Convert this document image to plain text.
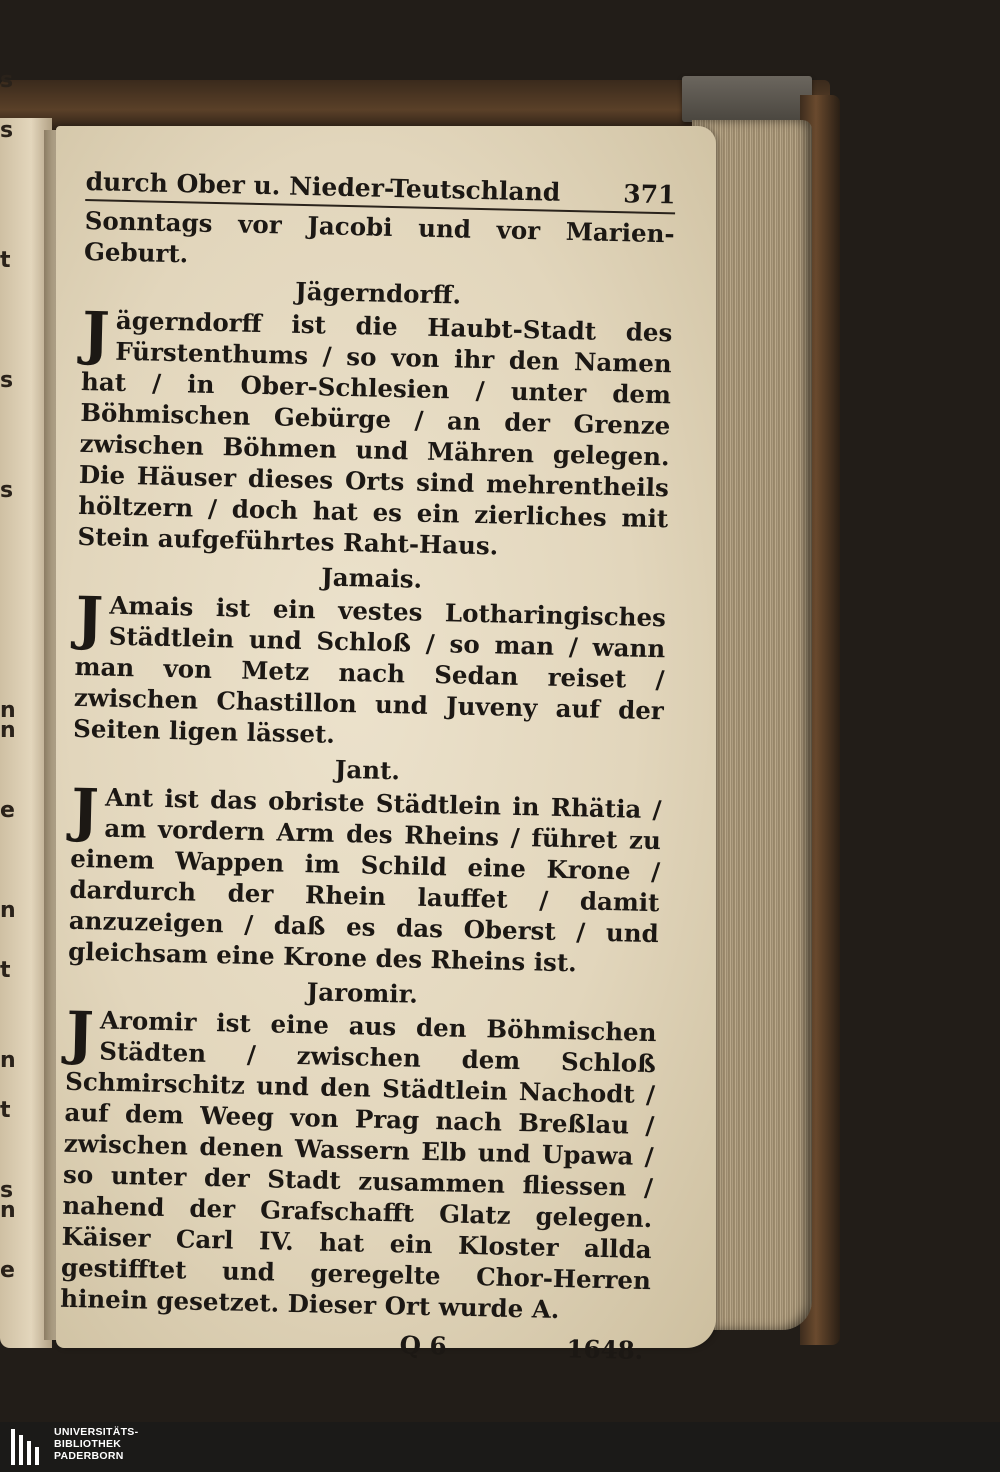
s
s
t
s
s
n
n
e
n
t
n
t
s
n
e
durch Ober u. Nieder-Teutschland 371

Sonntags vor Jacobi und vor Marien-Geburt.

Jägerndorff.

Jägerndorff ist die Haubt-Stadt des Fürstenthums / so von ihr den Namen hat / in Ober-Schlesien / unter dem Böhmischen Gebürge / an der Grenze zwischen Böhmen und Mähren gelegen. Die Häuser dieses Orts sind mehrentheils höltzern / doch hat es ein zierliches mit Stein aufgeführtes Raht-Haus.

Jamais.

J Amais ist ein vestes Lotharingisches Städtlein und Schloß / so man / wann man von Metz nach Sedan reiset / zwischen Chastillon und Juveny auf der Seiten ligen lässet.

Jant.

J Ant ist das obriste Städtlein in Rhätia / am vordern Arm des Rheins / führet zu einem Wappen im Schild eine Krone / dardurch der Rhein lauffet / damit anzuzeigen / daß es das Oberst / und gleichsam eine Krone des Rheins ist.

Jaromir.

J Aromir ist eine aus den Böhmischen Städten / zwischen dem Schloß Schmirschitz und den Städtlein Nachodt / auf dem Weeg von Prag nach Breßlau / zwischen denen Wassern Elb und Upawa / so unter der Stadt zusammen fliessen / nahend der Grafschafft Glatz gelegen. Käiser Carl IV. hat ein Kloster allda gestifftet und geregelte Chor-Herren hinein gesetzet. Dieser Ort wurde A.

Q 6	1648.
UNIVERSITÄTS-
BIBLIOTHEK
PADERBORN
